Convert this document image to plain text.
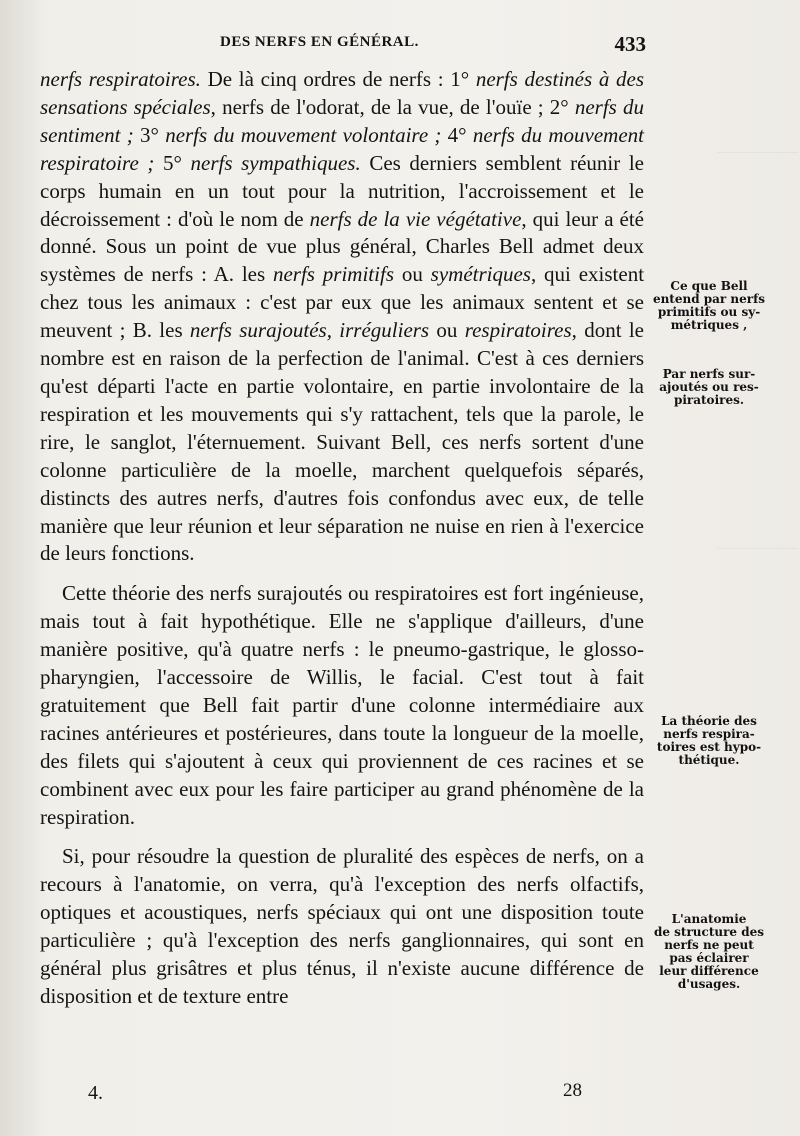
DES NERFS EN GÉNÉRAL.	433

nerfs respiratoires. De là cinq ordres de nerfs : 1° nerfs destinés à des sensations spéciales, nerfs de l'odorat, de la vue, de l'ouïe ; 2° nerfs du sentiment ; 3° nerfs du mouvement volontaire ; 4° nerfs du mouvement respiratoire ; 5° nerfs sympathiques. Ces derniers semblent réunir le corps humain en un tout pour la nutrition, l'accroissement et le décroissement : d'où le nom de nerfs de la vie végétative, qui leur a été donné. Sous un point de vue plus général, Charles Bell admet deux systèmes de nerfs : A. les nerfs primitifs ou symétriques, qui existent chez tous les animaux : c'est par eux que les animaux sentent et se meuvent ; B. les nerfs surajoutés, irréguliers ou respiratoires, dont le nombre est en raison de la perfection de l'animal. C'est à ces derniers qu'est départi l'acte en partie volontaire, en partie involontaire de la respiration et les mouvements qui s'y rattachent, tels que la parole, le rire, le sanglot, l'éternuement. Suivant Bell, ces nerfs sortent d'une colonne particulière de la moelle, marchent quelquefois séparés, distincts des autres nerfs, d'autres fois confondus avec eux, de telle manière que leur réunion et leur séparation ne nuise en rien à l'exercice de leurs fonctions.

Cette théorie des nerfs surajoutés ou respiratoires est fort ingénieuse, mais tout à fait hypothétique. Elle ne s'applique d'ailleurs, d'une manière positive, qu'à quatre nerfs : le pneumo-gastrique, le glosso-pharyngien, l'accessoire de Willis, le facial. C'est tout à fait gratuitement que Bell fait partir d'une colonne intermédiaire aux racines antérieures et postérieures, dans toute la longueur de la moelle, des filets qui s'ajoutent à ceux qui proviennent de ces racines et se combinent avec eux pour les faire participer au grand phénomène de la respiration.

Si, pour résoudre la question de pluralité des espèces de nerfs, on a recours à l'anatomie, on verra, qu'à l'exception des nerfs olfactifs, optiques et acoustiques, nerfs spéciaux qui ont une disposition toute particulière ; qu'à l'exception des nerfs ganglionnaires, qui sont en général plus grisâtres et plus ténus, il n'existe aucune différence de disposition et de texture entre

Ce que Bell
entend par nerfs
primitifs ou sy-
métriques ,
Par nerfs sur-
ajoutés ou res-
piratoires.
La théorie des
nerfs respira-
toires est hypo-
thétique.
L'anatomie
de structure des
nerfs ne peut
pas éclairer
leur différence
d'usages.
4.	28
